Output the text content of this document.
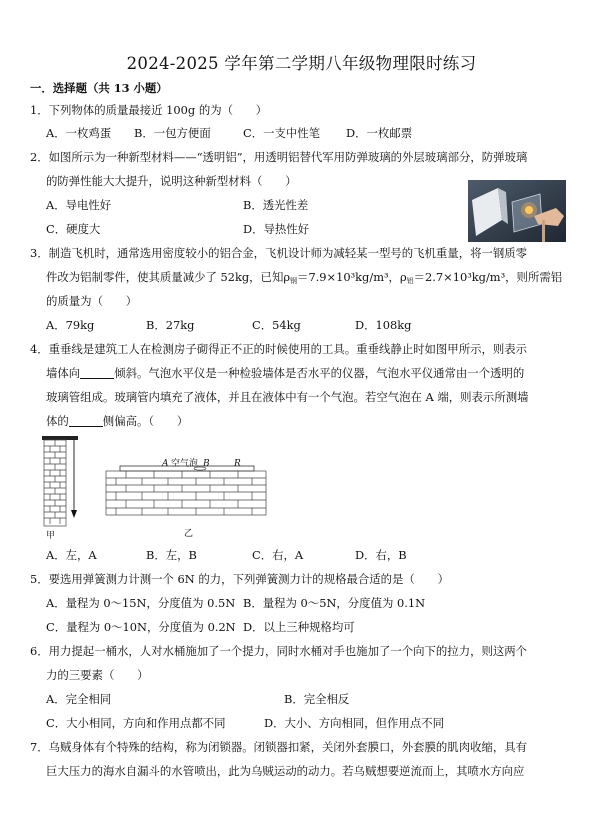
2024-2025 学年第二学期八年级物理限时练习
一．选择题（共 13 小题）
1．下列物体的质量最接近 100g 的为（　　）
A．一枚鸡蛋 B．一包方便面	C．一支中性笔 D．一枚邮票
2．如图所示为一种新型材料——“透明铝”，用透明铝替代军用防弹玻璃的外层玻璃部分，防弹玻璃
的防弹性能大大提升，说明这种新型材料（　　）
A．导电性好	B．透光性差
C．硬度大	D．导热性好
3．制造飞机时，通常选用密度较小的铝合金，飞机设计师为减轻某一型号的飞机重量，将一钢质零
件改为铝制零件，使其质量减少了 52kg，已知$\rho_钢=7.9\times 10^3kg/m^3$，$\rho_铝=2.7\times 10^3kg/m^3$，则所需铝
的质量为（　　）
A．79kg	B．27kg	C．54kg	D．108kg
4．重垂线是建筑工人在检测房子砌得正不正的时候使用的工具。重垂线静止时如图甲所示，则表示
墙体向	倾斜。气泡水平仪是一种检验墙体是否水平的仪器，气泡水平仪通常由一个透明的
玻璃管组成。玻璃管内填充了液体，并且在液体中有一个气泡。若空气泡在 A 端，则表示所测墙
体的	侧偏高。（　　）
甲
A 空气泡 B	R
乙
A．左，A	B．左，B	C．右，A	D．右，B
5．要选用弹簧测力计测一个 6N 的力，下列弹簧测力计的规格最合适的是（　　）
A．量程为 0～15N，分度值为 0.5N B．量程为 0～5N，分度值为 0.1N
C．量程为 0～10N，分度值为 0.2N D．以上三种规格均可
6．用力提起一桶水，人对水桶施加了一个提力，同时水桶对手也施加了一个向下的拉力，则这两个
力的三要素（　　）
A．完全相同	B．完全相反
C．大小相同，方向和作用点都不同	D．大小、方向相同，但作用点不同
7．乌贼身体有个特殊的结构，称为闭锁器。闭锁器扣紧，关闭外套膜口，外套膜的肌肉收缩，具有
巨大压力的海水自漏斗的水管喷出，此为乌贼运动的动力。若乌贼想要逆流而上，其喷水方向应
